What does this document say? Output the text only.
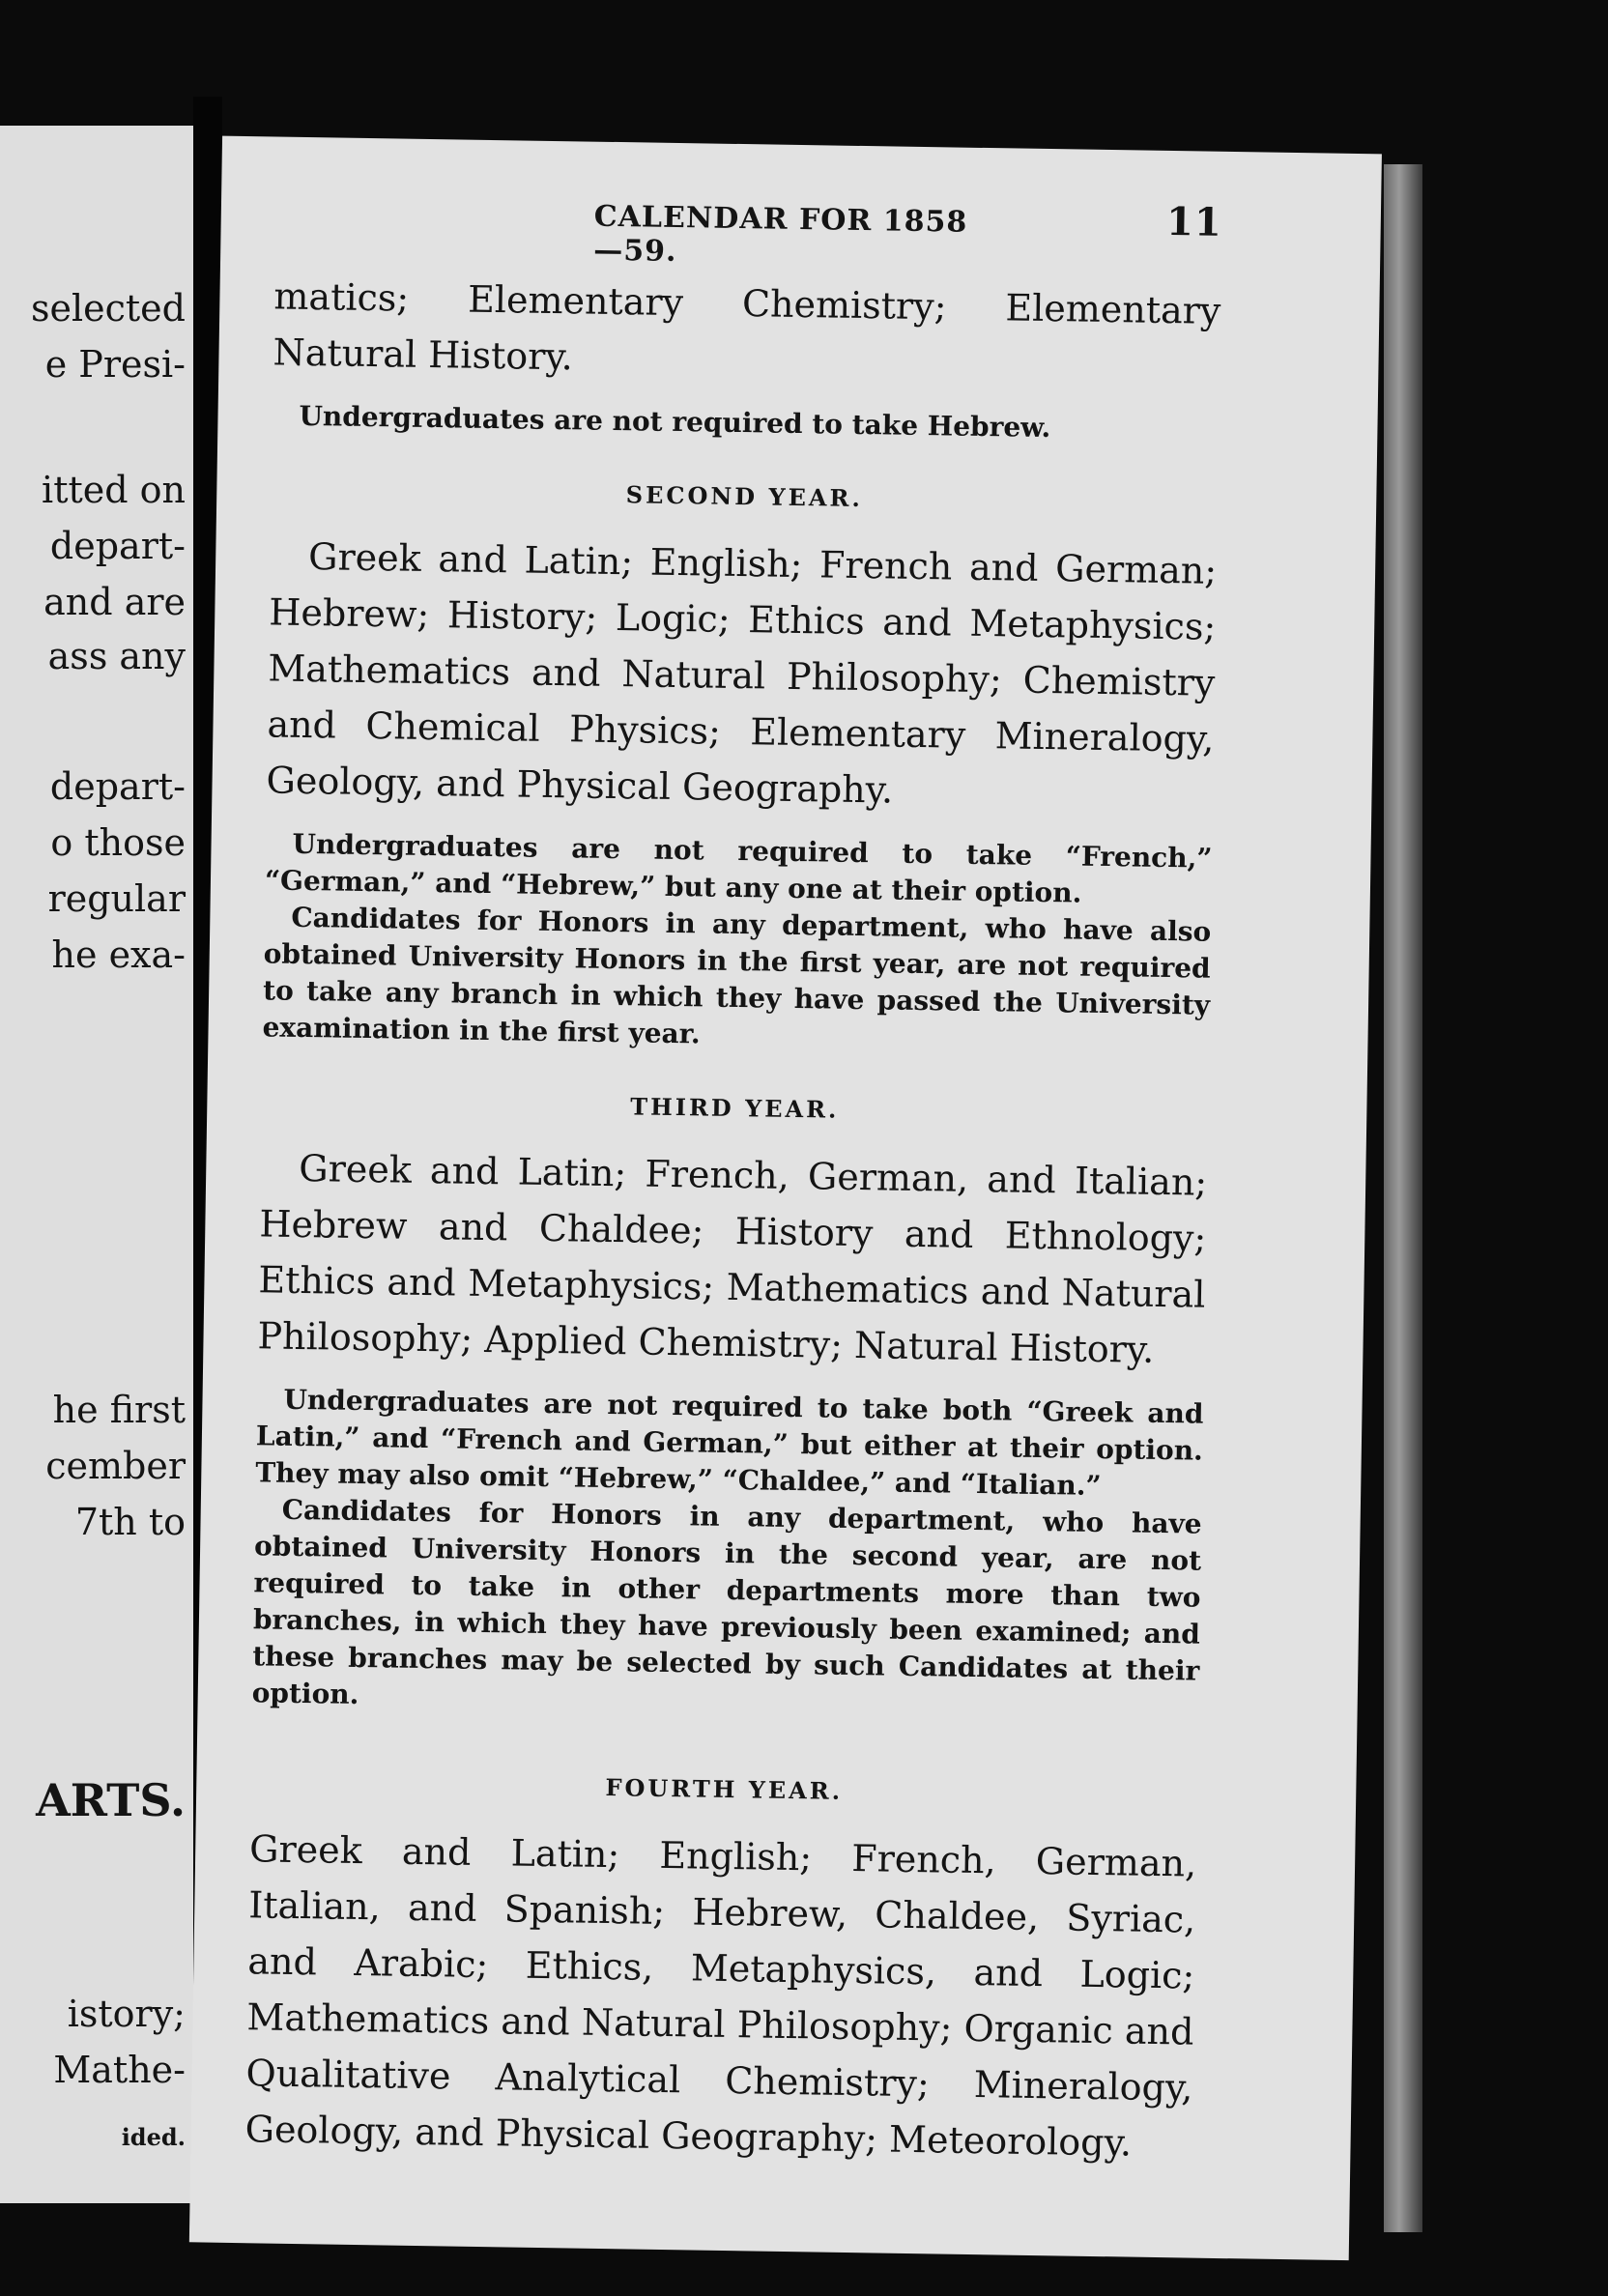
selected
e Presi-
itted on
depart-
and are
ass any
depart-
o those
regular
he exa-
he first
cember
7th to
ARTS.
istory;
Mathe-
ided.
CALENDAR FOR 1858—59.
11

matics; Elementary Chemistry; Elementary Natural History.

Undergraduates are not required to take Hebrew.

SECOND YEAR.

Greek and Latin; English; French and German; Hebrew; History; Logic; Ethics and Metaphysics; Mathematics and Natural Philosophy; Chemistry and Chemical Physics; Elementary Mineralogy, Geology, and Physical Geography.

Undergraduates are not required to take “French,” “German,” and “Hebrew,” but any one at their option.

Candidates for Honors in any department, who have also obtained University Honors in the first year, are not required to take any branch in which they have passed the University examination in the first year.

THIRD YEAR.

Greek and Latin; French, German, and Italian; Hebrew and Chaldee; History and Ethnology; Ethics and Metaphysics; Mathematics and Natural Philosophy; Applied Chemistry; Natural History.

Undergraduates are not required to take both “Greek and Latin,” and “French and German,” but either at their option. They may also omit “Hebrew,” “Chaldee,” and “Italian.”

Candidates for Honors in any department, who have obtained University Honors in the second year, are not required to take in other departments more than two branches, in which they have previously been examined; and these branches may be selected by such Candidates at their option.

FOURTH YEAR.

Greek and Latin; English; French, German, Italian, and Spanish; Hebrew, Chaldee, Syriac, and Arabic; Ethics, Metaphysics, and Logic; Mathematics and Natural Philosophy; Organic and Qualitative Analytical Chemistry; Mineralogy, Geology, and Physical Geography; Meteorology.
